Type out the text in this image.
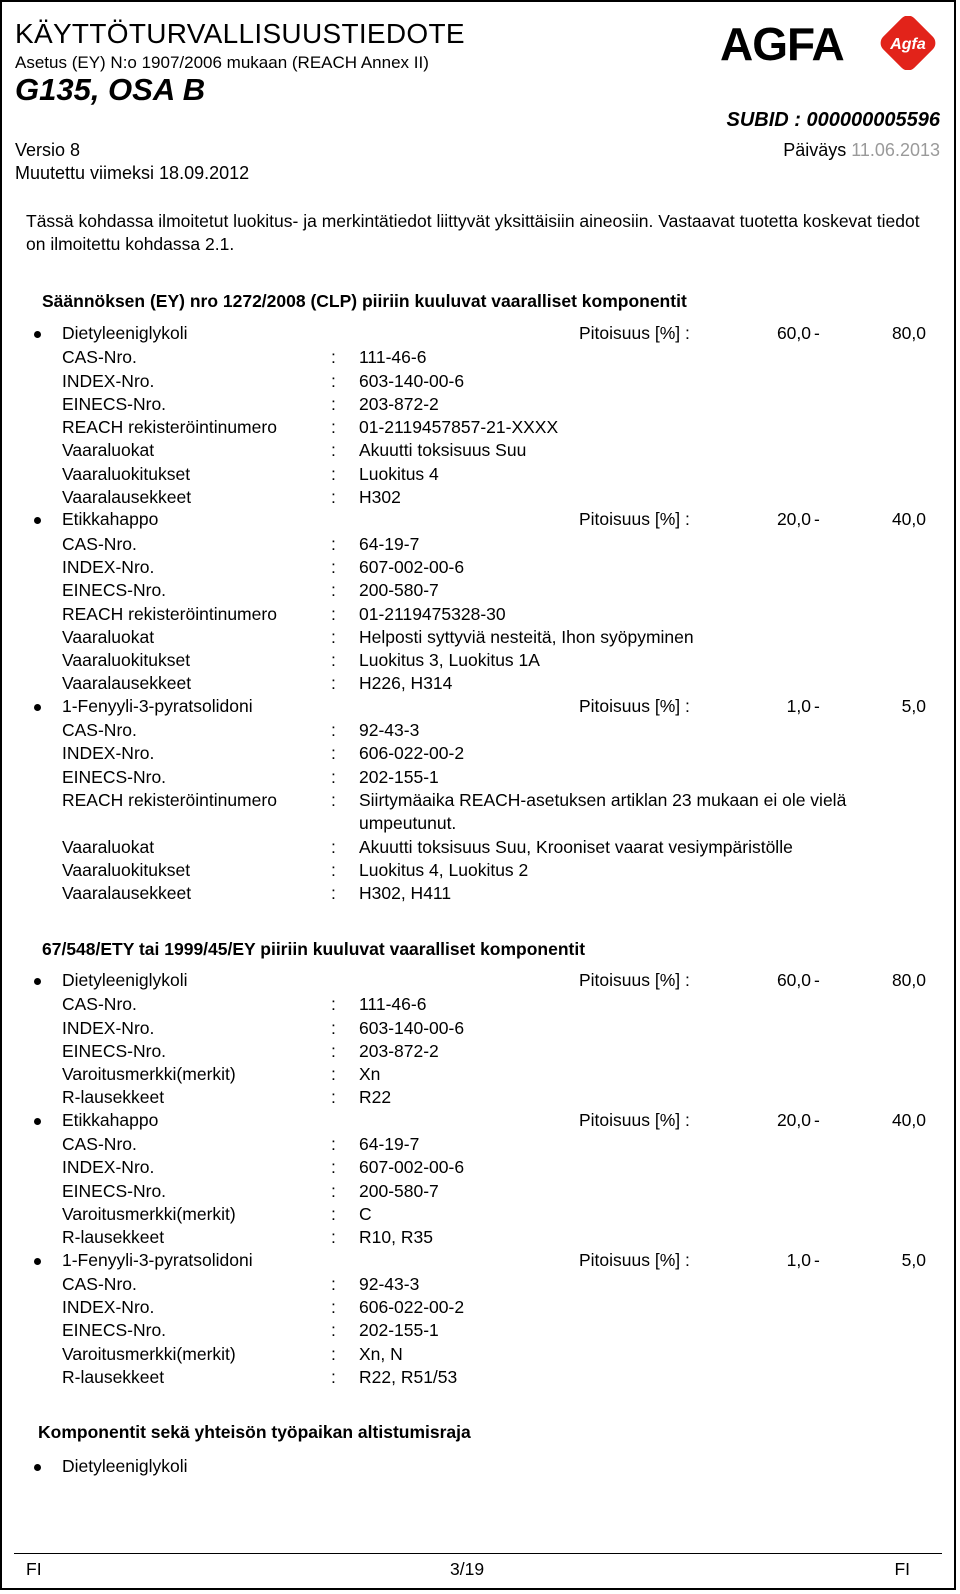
KÄYTTÖTURVALLISUUSTIEDOTE
Asetus (EY) N:o 1907/2006 mukaan (REACH Annex II)
G135, OSA B
AGFA	Agfa
SUBID : 000000005596
Versio 8
Muutettu viimeksi 18.09.2012
Päiväys 11.06.2013
Tässä kohdassa ilmoitetut luokitus- ja merkintätiedot liittyvät yksittäisiin aineosiin. Vastaavat tuotetta koskevat tiedot on ilmoitettu kohdassa 2.1.
Säännöksen (EY) nro 1272/2008 (CLP) piiriin kuuluvat vaaralliset komponentit
Dietyleeniglykoli	Pitoisuus [%] :	60,0 -	80,0
CAS-Nro.	: 111-46-6
INDEX-Nro.	: 603-140-00-6
EINECS-Nro.	: 203-872-2
REACH rekisteröintinumero	: 01-2119457857-21-XXXX
Vaaraluokat	: Akuutti toksisuus Suu
Vaaraluokitukset	: Luokitus 4
Vaaralausekkeet	: H302
Etikkahappo	Pitoisuus [%] :	20,0 -	40,0
CAS-Nro.	: 64-19-7
INDEX-Nro.	: 607-002-00-6
EINECS-Nro.	: 200-580-7
REACH rekisteröintinumero	: 01-2119475328-30
Vaaraluokat	: Helposti syttyviä nesteitä, Ihon syöpyminen
Vaaraluokitukset	: Luokitus 3, Luokitus 1A
Vaaralausekkeet	: H226, H314
1-Fenyyli-3-pyratsolidoni	Pitoisuus [%] :	1,0 -	5,0
CAS-Nro.	: 92-43-3
INDEX-Nro.	: 606-022-00-2
EINECS-Nro.	: 202-155-1
REACH rekisteröintinumero	: Siirtymäaika REACH-asetuksen artiklan 23 mukaan ei ole vielä umpeutunut.
Vaaraluokat	: Akuutti toksisuus Suu, Krooniset vaarat vesiympäristölle
Vaaraluokitukset	: Luokitus 4, Luokitus 2
Vaaralausekkeet	: H302, H411
67/548/ETY tai 1999/45/EY piiriin kuuluvat vaaralliset komponentit
Dietyleeniglykoli	Pitoisuus [%] :	60,0 -	80,0
CAS-Nro.	: 111-46-6
INDEX-Nro.	: 603-140-00-6
EINECS-Nro.	: 203-872-2
Varoitusmerkki(merkit)	: Xn
R-lausekkeet	: R22
Etikkahappo	Pitoisuus [%] :	20,0 -	40,0
CAS-Nro.	: 64-19-7
INDEX-Nro.	: 607-002-00-6
EINECS-Nro.	: 200-580-7
Varoitusmerkki(merkit)	: C
R-lausekkeet	: R10, R35
1-Fenyyli-3-pyratsolidoni	Pitoisuus [%] :	1,0 -	5,0
CAS-Nro.	: 92-43-3
INDEX-Nro.	: 606-022-00-2
EINECS-Nro.	: 202-155-1
Varoitusmerkki(merkit)	: Xn, N
R-lausekkeet	: R22, R51/53
Komponentit sekä yhteisön työpaikan altistumisraja
Dietyleeniglykoli
FI	3/19	FI
